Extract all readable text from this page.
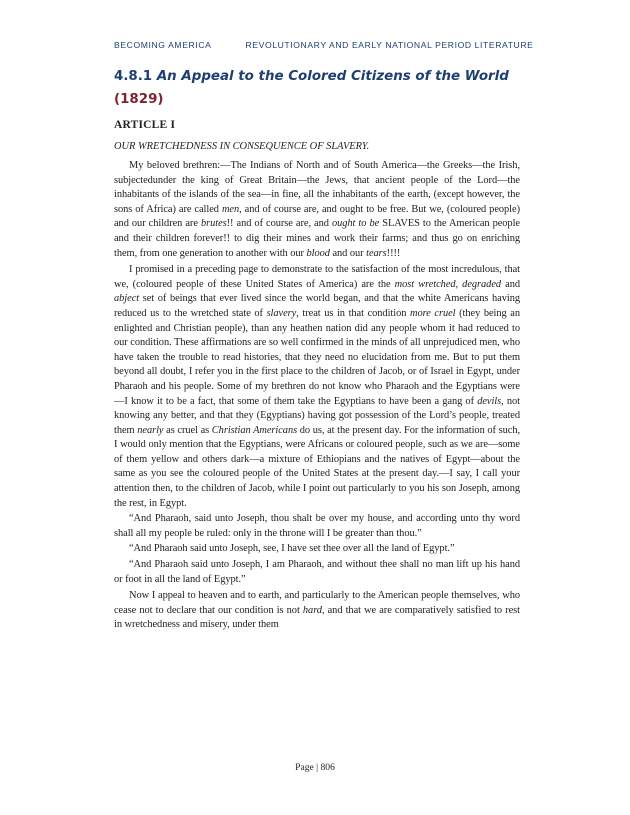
BECOMING AMERICA	REVOLUTIONARY AND EARLY NATIONAL PERIOD LITERATURE
4.8.1 An Appeal to the Colored Citizens of the World
(1829)
ARTICLE I
OUR WRETCHEDNESS IN CONSEQUENCE OF SLAVERY.

My beloved brethren:—The Indians of North and of South America—the Greeks—the Irish, subjectedunder the king of Great Britain—the Jews, that ancient people of the Lord—the inhabitants of the islands of the sea—in fine, all the inhabitants of the earth, (except however, the sons of Africa) are called men, and of course are, and ought to be free. But we, (coloured people) and our children are brutes!! and of course are, and ought to be SLAVES to the American people and their children forever!! to dig their mines and work their farms; and thus go on enriching them, from one generation to another with our blood and our tears!!!!

I promised in a preceding page to demonstrate to the satisfaction of the most incredulous, that we, (coloured people of these United States of America) are the most wretched, degraded and abject set of beings that ever lived since the world began, and that the white Americans having reduced us to the wretched state of slavery, treat us in that condition more cruel (they being an enlighted and Christian people), than any heathen nation did any people whom it had reduced to our condition. These affirmations are so well confirmed in the minds of all unprejudiced men, who have taken the trouble to read histories, that they need no elucidation from me. But to put them beyond all doubt, I refer you in the first place to the children of Jacob, or of Israel in Egypt, under Pharaoh and his people. Some of my brethren do not know who Pharaoh and the Egyptians were—I know it to be a fact, that some of them take the Egyptians to have been a gang of devils, not knowing any better, and that they (Egyptians) having got possession of the Lord’s people, treated them nearly as cruel as Christian Americans do us, at the present day. For the information of such, I would only mention that the Egyptians, were Africans or coloured people, such as we are—some of them yellow and others dark—a mixture of Ethiopians and the natives of Egypt—about the same as you see the coloured people of the United States at the present day.—I say, I call your attention then, to the children of Jacob, while I point out particularly to you his son Joseph, among the rest, in Egypt.

“And Pharaoh, said unto Joseph, thou shalt be over my house, and according unto thy word shall all my people be ruled: only in the throne will I be greater than thou.”

“And Pharaoh said unto Joseph, see, I have set thee over all the land of Egypt.”

“And Pharaoh said unto Joseph, I am Pharaoh, and without thee shall no man lift up his hand or foot in all the land of Egypt.”

Now I appeal to heaven and to earth, and particularly to the American people themselves, who cease not to declare that our condition is not hard, and that we are comparatively satisfied to rest in wretchedness and misery, under them

Page | 806
